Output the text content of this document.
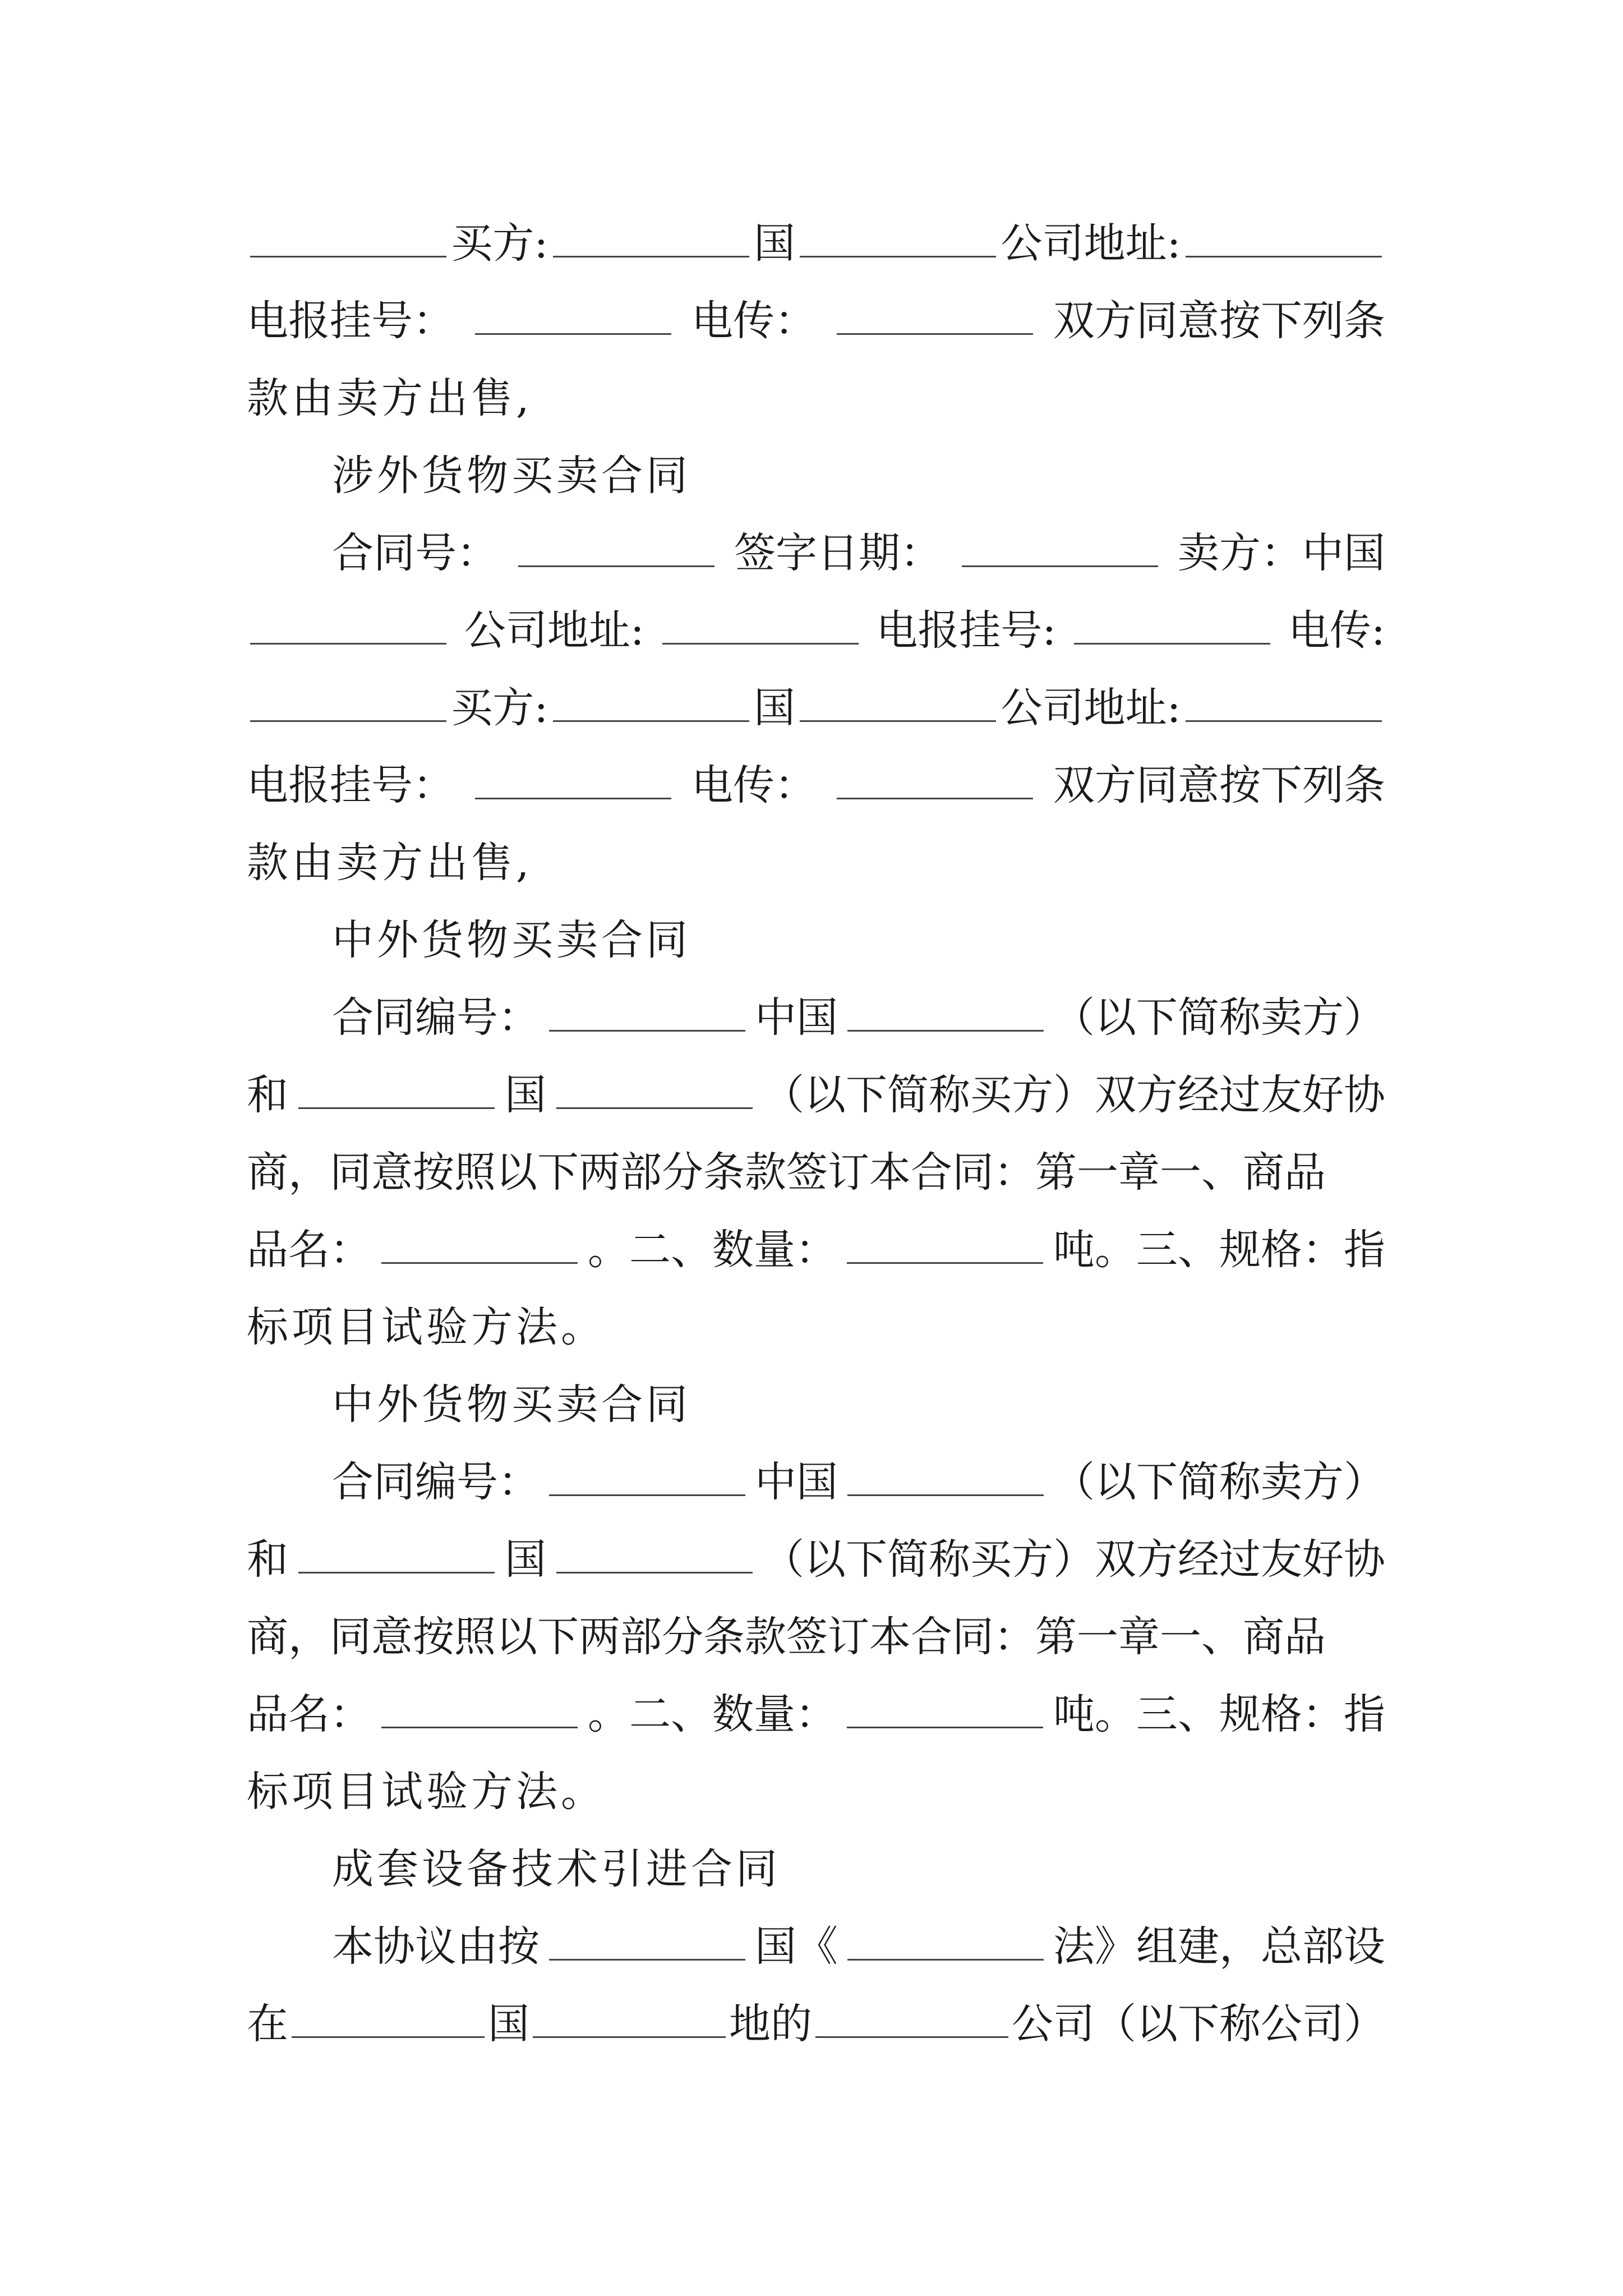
买方:	国	公司地址:
电报挂号：	电传：	双方同意按下列条
款由卖方出售,
涉外货物买卖合同
合同号：	签字日期：	卖方：中国
公司地址:	电报挂号:	电传:
买方:	国	公司地址:
电报挂号：	电传：	双方同意按下列条
款由卖方出售,
中外货物买卖合同
合同编号：	中国	（以下简称卖方）
和	国	（以下简称买方）双方经过友好协
商，同意按照以下两部分条款签订本合同：第一章一、商品
品名：	。二、数量：	吨。三、规格：指
标项目试验方法。
中外货物买卖合同
合同编号：	中国	（以下简称卖方）
和	国	（以下简称买方）双方经过友好协
商，同意按照以下两部分条款签订本合同：第一章一、商品
品名：	。二、数量：	吨。三、规格：指
标项目试验方法。
成套设备技术引进合同
本协议由按	国《	法》组建，总部设
在	国	地的	公司（以下称公司）
